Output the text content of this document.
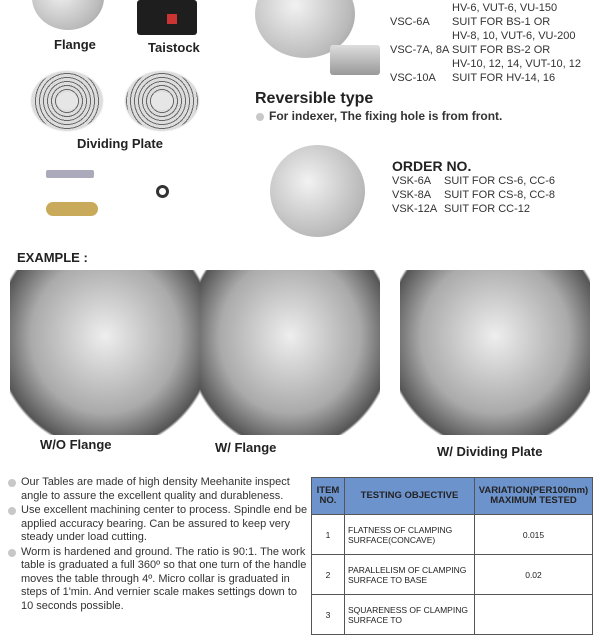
Flange	Taistock
Dividing Plate
HV-6, VUT-6, VU-150
VSC-6A	SUIT FOR BS-1 OR
HV-8, 10, VUT-6, VU-200
VSC-7A, 8A SUIT FOR BS-2 OR
HV-10, 12, 14, VUT-10, 12
VSC-10A	SUIT FOR HV-14, 16
Reversible type
For indexer, The fixing hole is from front.
ORDER NO.
VSK-6A	SUIT FOR CS-6, CC-6
VSK-8A	SUIT FOR CS-8, CC-8
VSK-12A SUIT FOR CC-12
EXAMPLE :
W/O Flange	W/ Flange	W/ Dividing Plate
Our Tables are made of high density Meehanite inspect angle to assure the excellent quality and durableness.
Use excellent machining center to process. Spindle end be applied accuracy bearing. Can be assured to keep very steady under load cutting.
Worm is hardened and ground. The ratio is 90:1. The work table is graduated a full 360º so that one turn of the handle moves the table through 4º. Micro collar is graduated in steps of 1'min. And vernier scale makes settings down to 10 seconds possible.
ITEM NO.	TESTING OBJECTIVE	VARIATION(PER100mm) MAXIMUM TESTED
1	FLATNESS OF CLAMPING SURFACE(CONCAVE)	0.015
2	PARALLELISM OF CLAMPING SURFACE TO BASE	0.02
3	SQUARENESS OF CLAMPING SURFACE TO	
